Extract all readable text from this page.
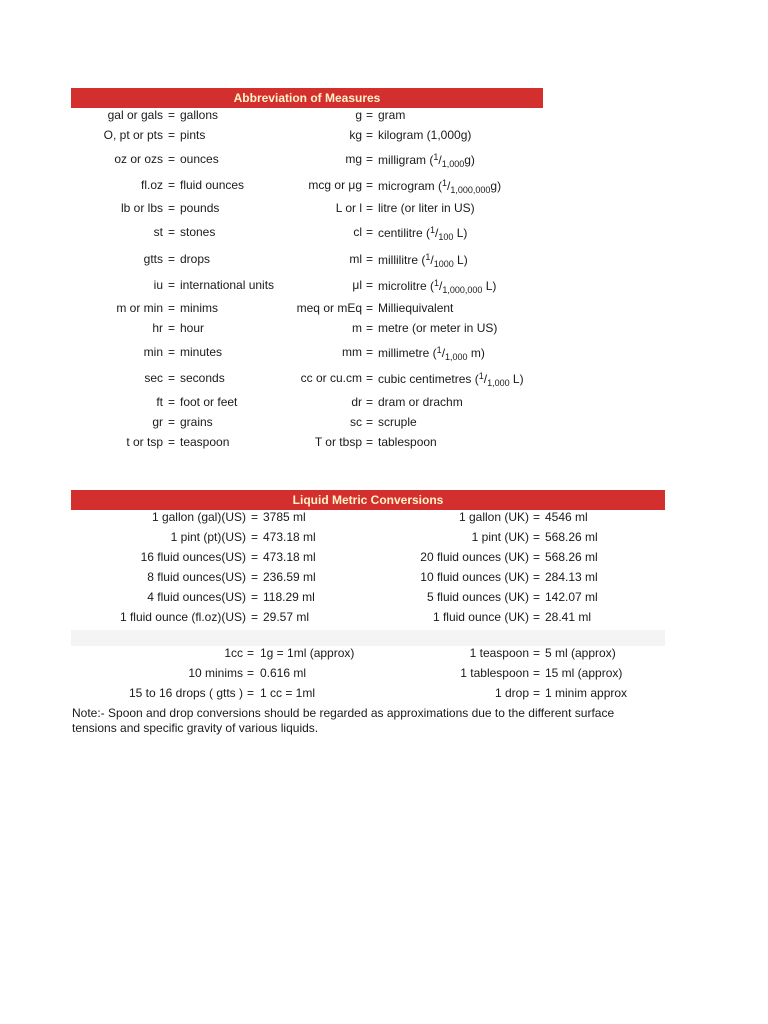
Abbreviation of Measures
gal or gals = gallons
O, pt or pts = pints
oz or ozs = ounces
fl.oz = fluid ounces
lb or lbs = pounds
st = stones
gtts = drops
iu = international units
m or min = minims
hr = hour
min = minutes
sec = seconds
ft = foot or feet
gr = grains
t or tsp = teaspoon
g = gram
kg = kilogram (1,000g)
mg = milligram $(^1/_{1,000}g)$
mcg or μg = microgram $(^1/_{1,000,000}g)$
L or l = litre (or liter in US)
cl = centilitre ($^1/_{100}$ L)
ml = millilitre ($^1/_{1000}$ L)
μl = microlitre ($^1/_{1,000,000}$ L)
meq or mEq = Milliequivalent
m = metre (or meter in US)
mm = millimetre ($^1/_{1,000}$ m)
cc or cu.cm = cubic centimetres ($^1/_{1,000}$ L)
dr = dram or drachm
sc = scruple
T or tbsp = tablespoon
Liquid Metric Conversions
1 gallon (gal)(US) = 3785 ml
1 pint (pt)(US) = 473.18 ml
16 fluid ounces(US) = 473.18 ml
8 fluid ounces(US) = 236.59 ml
4 fluid ounces(US) = 118.29 ml
1 fluid ounce (fl.oz)(US) = 29.57 ml
1 gallon (UK) = 4546 ml
1 pint (UK) = 568.26 ml
20 fluid ounces (UK) = 568.26 ml
10 fluid ounces (UK) = 284.13 ml
5 fluid ounces (UK) = 142.07 ml
1 fluid ounce (UK) = 28.41 ml
1cc = 1g = 1ml (approx)
10 minims = 0.616 ml
15 to 16 drops ( gtts ) = 1 cc = 1ml
1 teaspoon = 5 ml (approx)
1 tablespoon = 15 ml (approx)
1 drop = 1 minim approx
Note:- Spoon and drop conversions should be regarded as approximations due to the different surface tensions and specific gravity of various liquids.
